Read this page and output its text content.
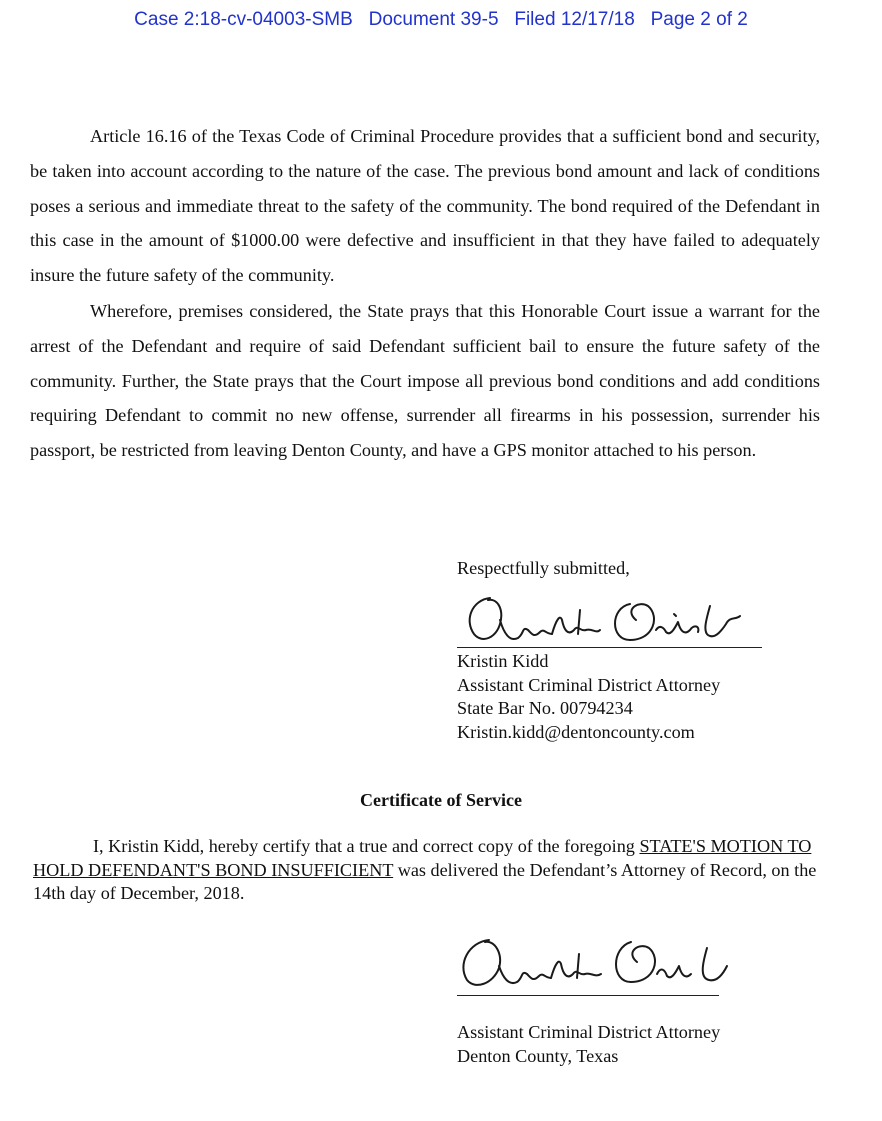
Case 2:18-cv-04003-SMB Document 39-5 Filed 12/17/18 Page 2 of 2

Article 16.16 of the Texas Code of Criminal Procedure provides that a sufficient bond and security, be taken into account according to the nature of the case. The previous bond amount and lack of conditions poses a serious and immediate threat to the safety of the community. The bond required of the Defendant in this case in the amount of $1000.00 were defective and insufficient in that they have failed to adequately insure the future safety of the community.

Wherefore, premises considered, the State prays that this Honorable Court issue a warrant for the arrest of the Defendant and require of said Defendant sufficient bail to ensure the future safety of the community. Further, the State prays that the Court impose all previous bond conditions and add conditions requiring Defendant to commit no new offense, surrender all firearms in his possession, surrender his passport, be restricted from leaving Denton County, and have a GPS monitor attached to his person.

Respectfully submitted,
Kristin Kidd
Assistant Criminal District Attorney
State Bar No. 00794234
Kristin.kidd@dentoncounty.com
Certificate of Service

I, Kristin Kidd, hereby certify that a true and correct copy of the foregoing STATE'S MOTION TO HOLD DEFENDANT'S BOND INSUFFICIENT was delivered the Defendant’s Attorney of Record, on the 14th day of December, 2018.

Assistant Criminal District Attorney
Denton County, Texas
